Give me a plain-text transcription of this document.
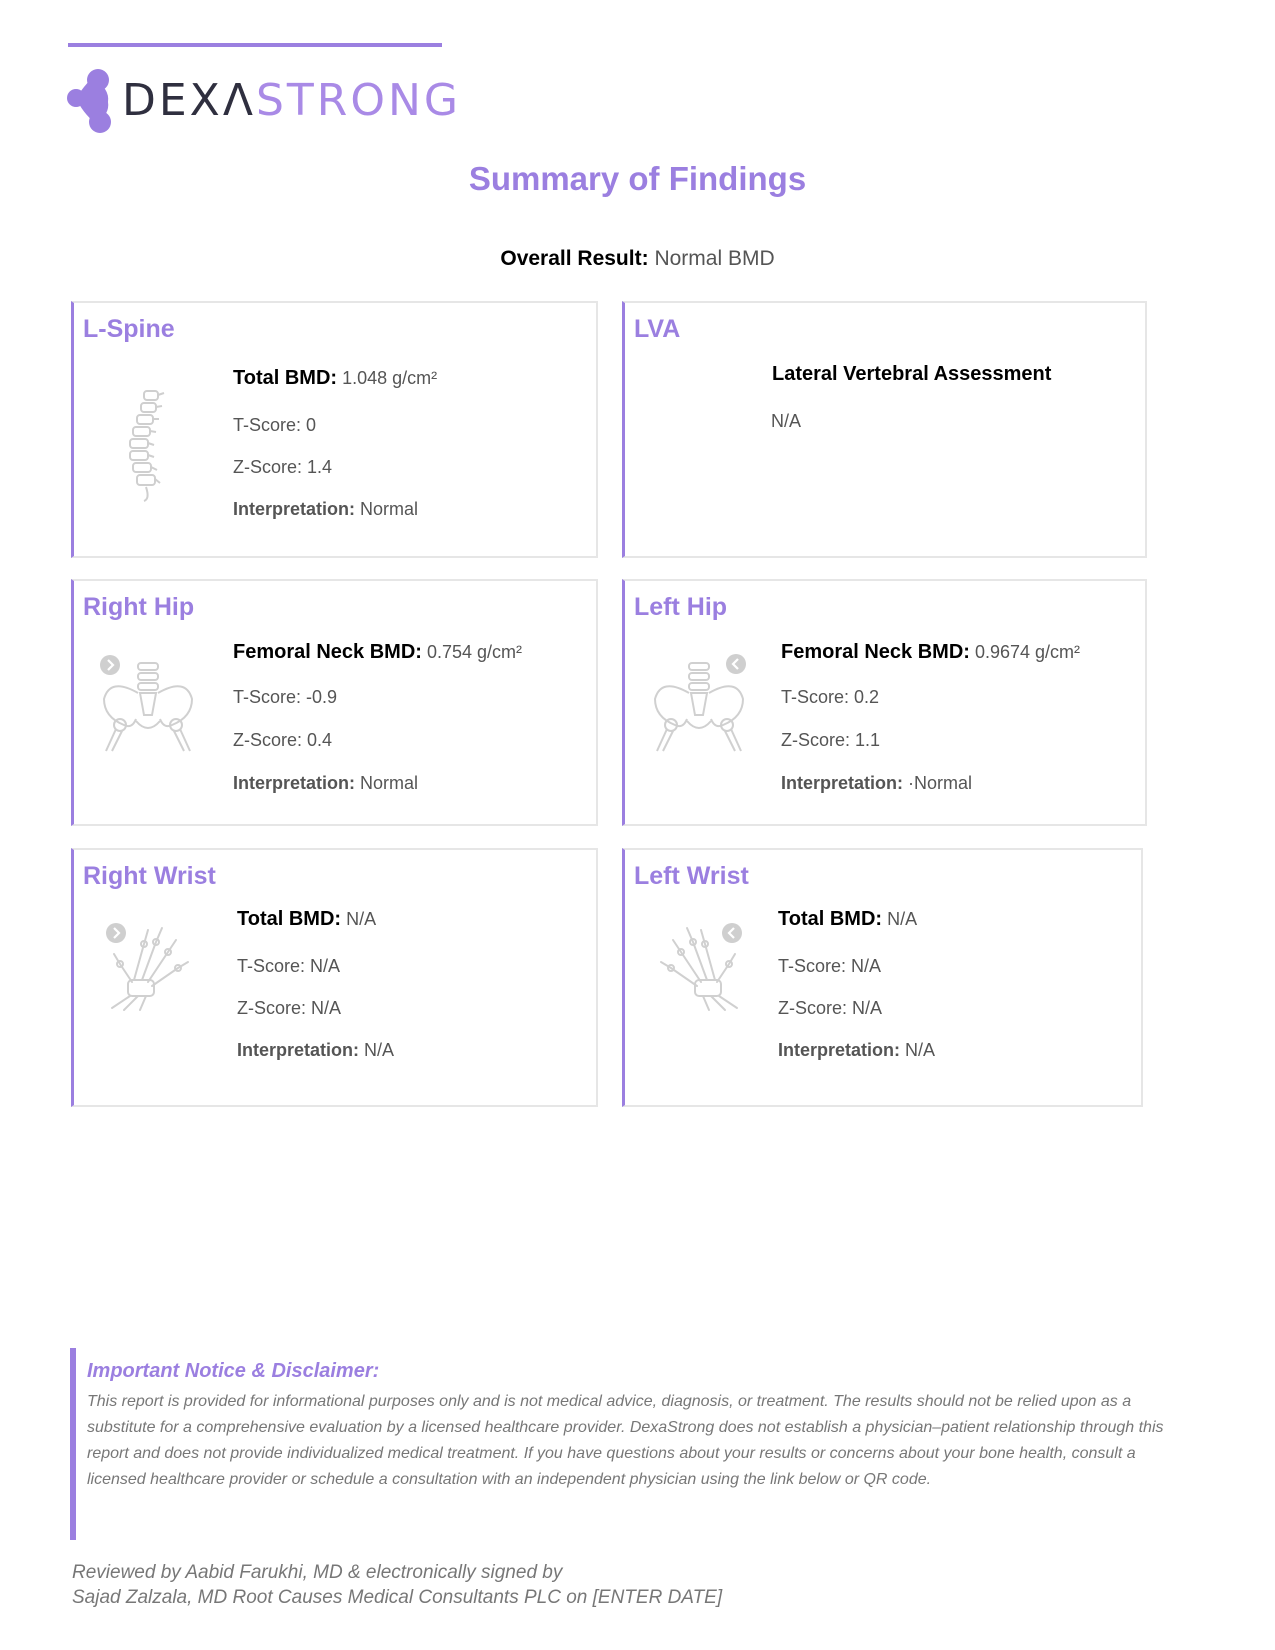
DEXΛSTRONG
Summary of Findings
Overall Result: Normal BMD
L-Spine
Total BMD: 1.048 g/cm²
T-Score: 0
Z-Score: 1.4
Interpretation: Normal
LVA
Lateral Vertebral Assessment
N/A
Right Hip
Femoral Neck BMD: 0.754 g/cm²
T-Score: -0.9
Z-Score: 0.4
Interpretation: Normal
Left Hip
Femoral Neck BMD: 0.9674 g/cm²
T-Score: 0.2
Z-Score: 1.1
Interpretation: ·Normal
Right Wrist
Total BMD: N/A
T-Score: N/A
Z-Score: N/A
Interpretation: N/A
Left Wrist
Total BMD: N/A
T-Score: N/A
Z-Score: N/A
Interpretation: N/A
Important Notice & Disclaimer:
This report is provided for informational purposes only and is not medical advice, diagnosis, or treatment. The results should not be relied upon as a substitute for a comprehensive evaluation by a licensed healthcare provider. DexaStrong does not establish a physician–patient relationship through this report and does not provide individualized medical treatment. If you have questions about your results or concerns about your bone health, consult a licensed healthcare provider or schedule a consultation with an independent physician using the link below or QR code.
Reviewed by Aabid Farukhi, MD & electronically signed by
Sajad Zalzala, MD Root Causes Medical Consultants PLC on [ENTER DATE]
